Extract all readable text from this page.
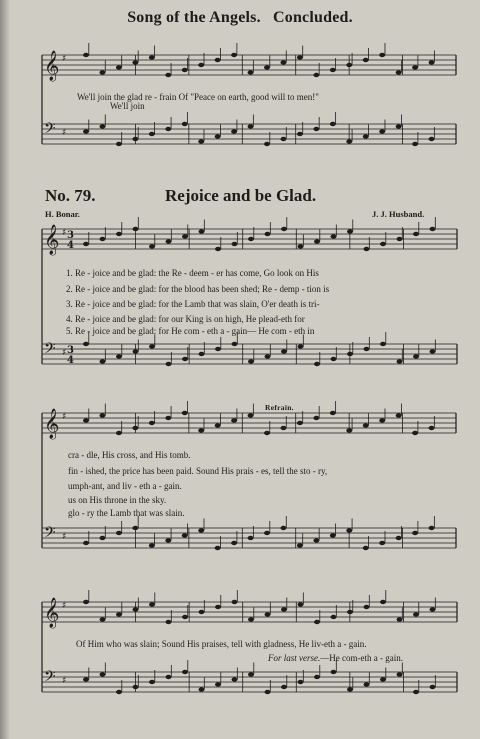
Song of the Angels. Concluded.
𝄞 ♯
𝄢 ♯
𝄞 ♯
𝄢 ♯
𝄞 ♯
𝄢 ♯
𝄞 ♯
𝄢 ♯
3
4
3
4
We'll join the glad re - frain Of "Peace on earth, good will to men!"
We'll join
No. 79.	Rejoice and be Glad.
H. Bonar.	J. J. Husband.
1. Re - joice and be glad: the Re - deem - er has come, Go look on His
2. Re - joice and be glad: for the blood has been shed; Re - demp - tion is
3. Re - joice and be glad: for the Lamb that was slain, O'er death is tri-
4. Re - joice and be glad: for our King is on high, He plead-eth for
5. Re - joice and be glad: for He com - eth a - gain— He com - eth in
Refrain.
cra - dle, His cross, and His tomb.
fin - ished, the price has been paid. Sound His prais - es, tell the sto - ry,
umph-ant, and liv - eth a - gain.
us on His throne in the sky.
glo - ry the Lamb that was slain.
Of Him who was slain; Sound His praises, tell with gladness, He liv-eth a - gain.
For last verse.—He com-eth a - gain.
